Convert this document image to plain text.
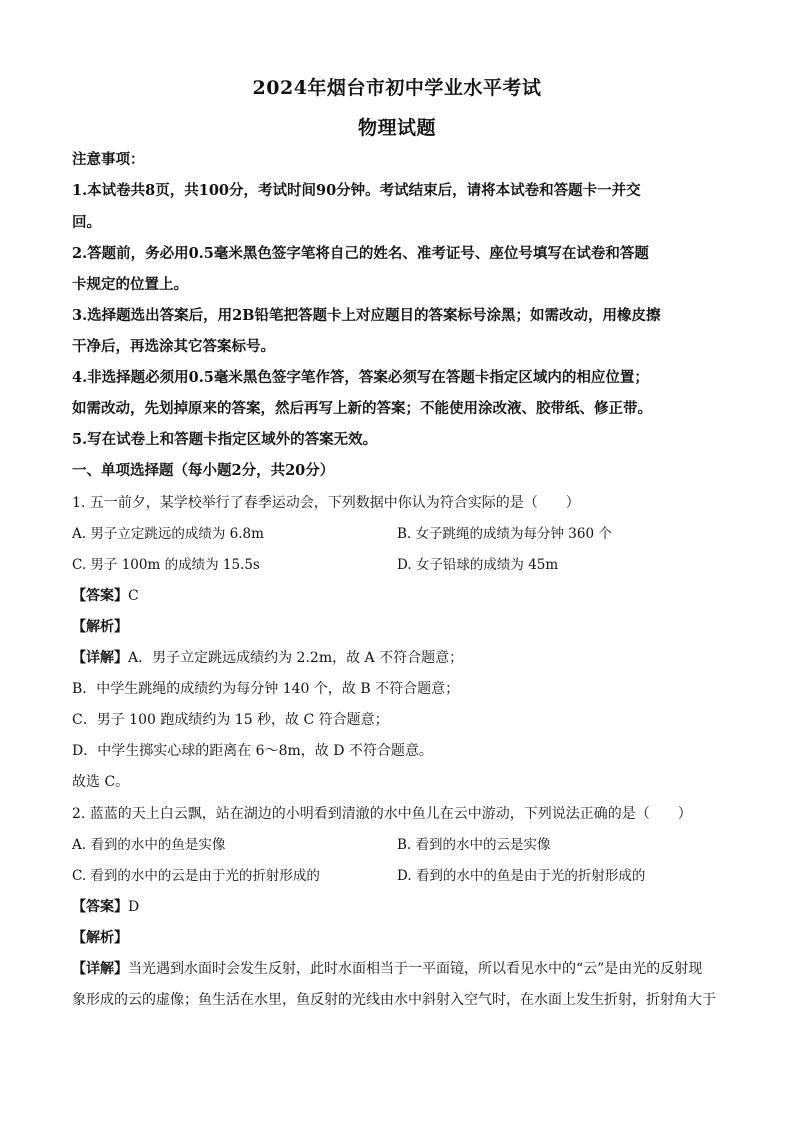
2024年烟台市初中学业水平考试
物理试题
注意事项：
1.本试卷共8页，共100分，考试时间90分钟。考试结束后，请将本试卷和答题卡一并交
回。
2.答题前，务必用0.5毫米黑色签字笔将自己的姓名、准考证号、座位号填写在试卷和答题
卡规定的位置上。
3.选择题选出答案后，用2B铅笔把答题卡上对应题目的答案标号涂黑；如需改动，用橡皮擦
干净后，再选涂其它答案标号。
4.非选择题必须用0.5毫米黑色签字笔作答，答案必须写在答题卡指定区域内的相应位置；
如需改动，先划掉原来的答案，然后再写上新的答案；不能使用涂改液、胶带纸、修正带。
5.写在试卷上和答题卡指定区域外的答案无效。
一、单项选择题（每小题2分，共20分）
1. 五一前夕，某学校举行了春季运动会，下列数据中你认为符合实际的是（　　）
A. 男子立定跳远的成绩为 6.8m	B. 女子跳绳的成绩为每分钟 360 个
C. 男子 100m 的成绩为 15.5s	D. 女子铅球的成绩为 45m
【答案】C
【解析】
【详解】A．男子立定跳远成绩约为 2.2m，故 A 不符合题意；
B．中学生跳绳的成绩约为每分钟 140 个，故 B 不符合题意；
C．男子 100 跑成绩约为 15 秒，故 C 符合题意；
D．中学生掷实心球的距离在 6～8m，故 D 不符合题意。
故选 C。
2. 蓝蓝的天上白云飘，站在湖边的小明看到清澈的水中鱼儿在云中游动，下列说法正确的是（　　）
A. 看到的水中的鱼是实像	B. 看到的水中的云是实像
C. 看到的水中的云是由于光的折射形成的	D. 看到的水中的鱼是由于光的折射形成的
【答案】D
【解析】
【详解】当光遇到水面时会发生反射，此时水面相当于一平面镜，所以看见水中的“云”是由光的反射现
象形成的云的虚像；鱼生活在水里，鱼反射的光线由水中斜射入空气时，在水面上发生折射，折射角大于
